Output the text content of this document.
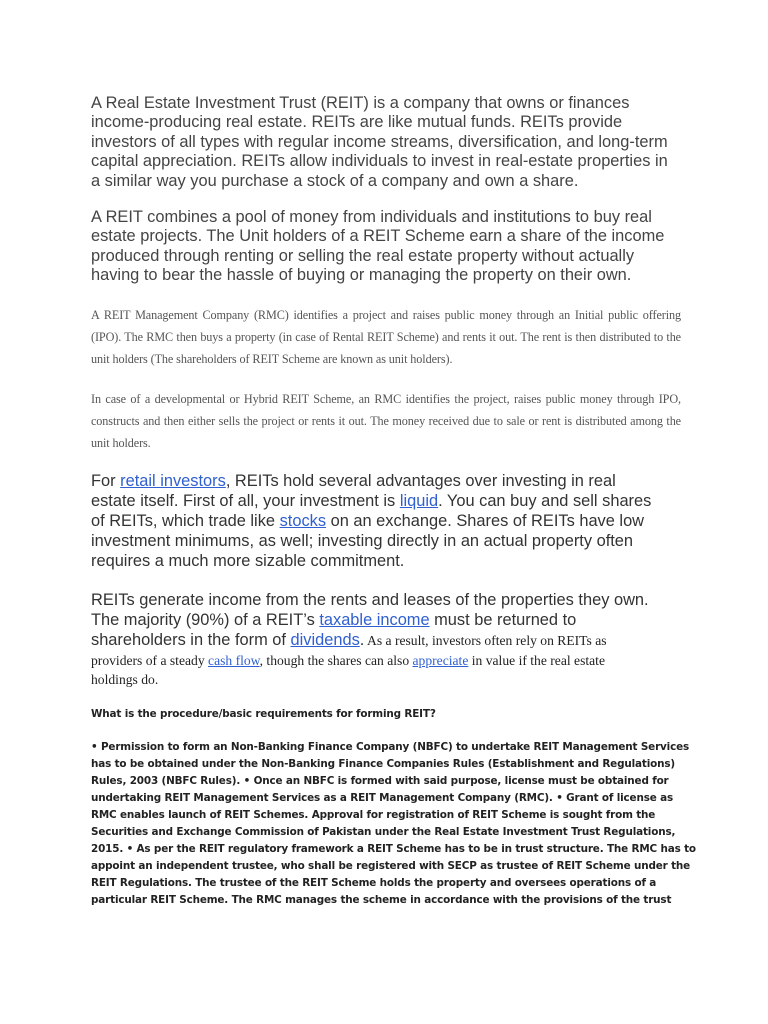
A Real Estate Investment Trust (REIT) is a company that owns or finances
income-producing real estate. REITs are like mutual funds. REITs provide
investors of all types with regular income streams, diversification, and long-term
capital appreciation. REITs allow individuals to invest in real-estate properties in
a similar way you purchase a stock of a company and own a share.
A REIT combines a pool of money from individuals and institutions to buy real
estate projects. The Unit holders of a REIT Scheme earn a share of the income
produced through renting or selling the real estate property without actually
having to bear the hassle of buying or managing the property on their own.

A REIT Management Company (RMC) identifies a project and raises public money through an Initial public offering (IPO). The RMC then buys a property (in case of Rental REIT Scheme) and rents it out. The rent is then distributed to the unit holders (The shareholders of REIT Scheme are known as unit holders).

In case of a developmental or Hybrid REIT Scheme, an RMC identifies the project, raises public money through IPO, constructs and then either sells the project or rents it out. The money received due to sale or rent is distributed among the unit holders.

For retail investors, REITs hold several advantages over investing in real
estate itself. First of all, your investment is liquid. You can buy and sell shares
of REITs, which trade like stocks on an exchange. Shares of REITs have low
investment minimums, as well; investing directly in an actual property often
requires a much more sizable commitment.
REITs generate income from the rents and leases of the properties they own.
The majority (90%) of a REIT’s taxable income must be returned to
shareholders in the form of dividends. As a result, investors often rely on REITs as
providers of a steady cash flow, though the shares can also appreciate in value if the real estate
holdings do.
What is the procedure/basic requirements for forming REIT?
• Permission to form an Non-Banking Finance Company (NBFC) to undertake REIT Management Services
has to be obtained under the Non-Banking Finance Companies Rules (Establishment and Regulations)
Rules, 2003 (NBFC Rules). • Once an NBFC is formed with said purpose, license must be obtained for
undertaking REIT Management Services as a REIT Management Company (RMC). • Grant of license as
RMC enables launch of REIT Schemes. Approval for registration of REIT Scheme is sought from the
Securities and Exchange Commission of Pakistan under the Real Estate Investment Trust Regulations,
2015. • As per the REIT regulatory framework a REIT Scheme has to be in trust structure. The RMC has to
appoint an independent trustee, who shall be registered with SECP as trustee of REIT Scheme under the
REIT Regulations. The trustee of the REIT Scheme holds the property and oversees operations of a
particular REIT Scheme. The RMC manages the scheme in accordance with the provisions of the trust
